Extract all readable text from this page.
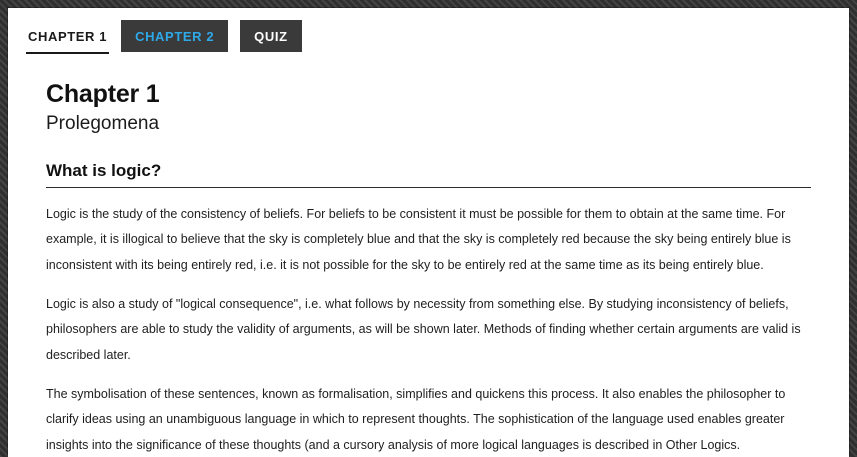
CHAPTER 1	CHAPTER 2	QUIZ
Chapter 1
Prolegomena
What is logic?

Logic is the study of the consistency of beliefs. For beliefs to be consistent it must be possible for them to obtain at the same time. For example, it is illogical to believe that the sky is completely blue and that the sky is completely red because the sky being entirely blue is inconsistent with its being entirely red, i.e. it is not possible for the sky to be entirely red at the same time as its being entirely blue.

Logic is also a study of "logical consequence", i.e. what follows by necessity from something else. By studying inconsistency of beliefs, philosophers are able to study the validity of arguments, as will be shown later. Methods of finding whether certain arguments are valid is described later.

The symbolisation of these sentences, known as formalisation, simplifies and quickens this process. It also enables the philosopher to clarify ideas using an unambiguous language in which to represent thoughts. The sophistication of the language used enables greater insights into the significance of these thoughts (and a cursory analysis of more logical languages is described in Other Logics.
